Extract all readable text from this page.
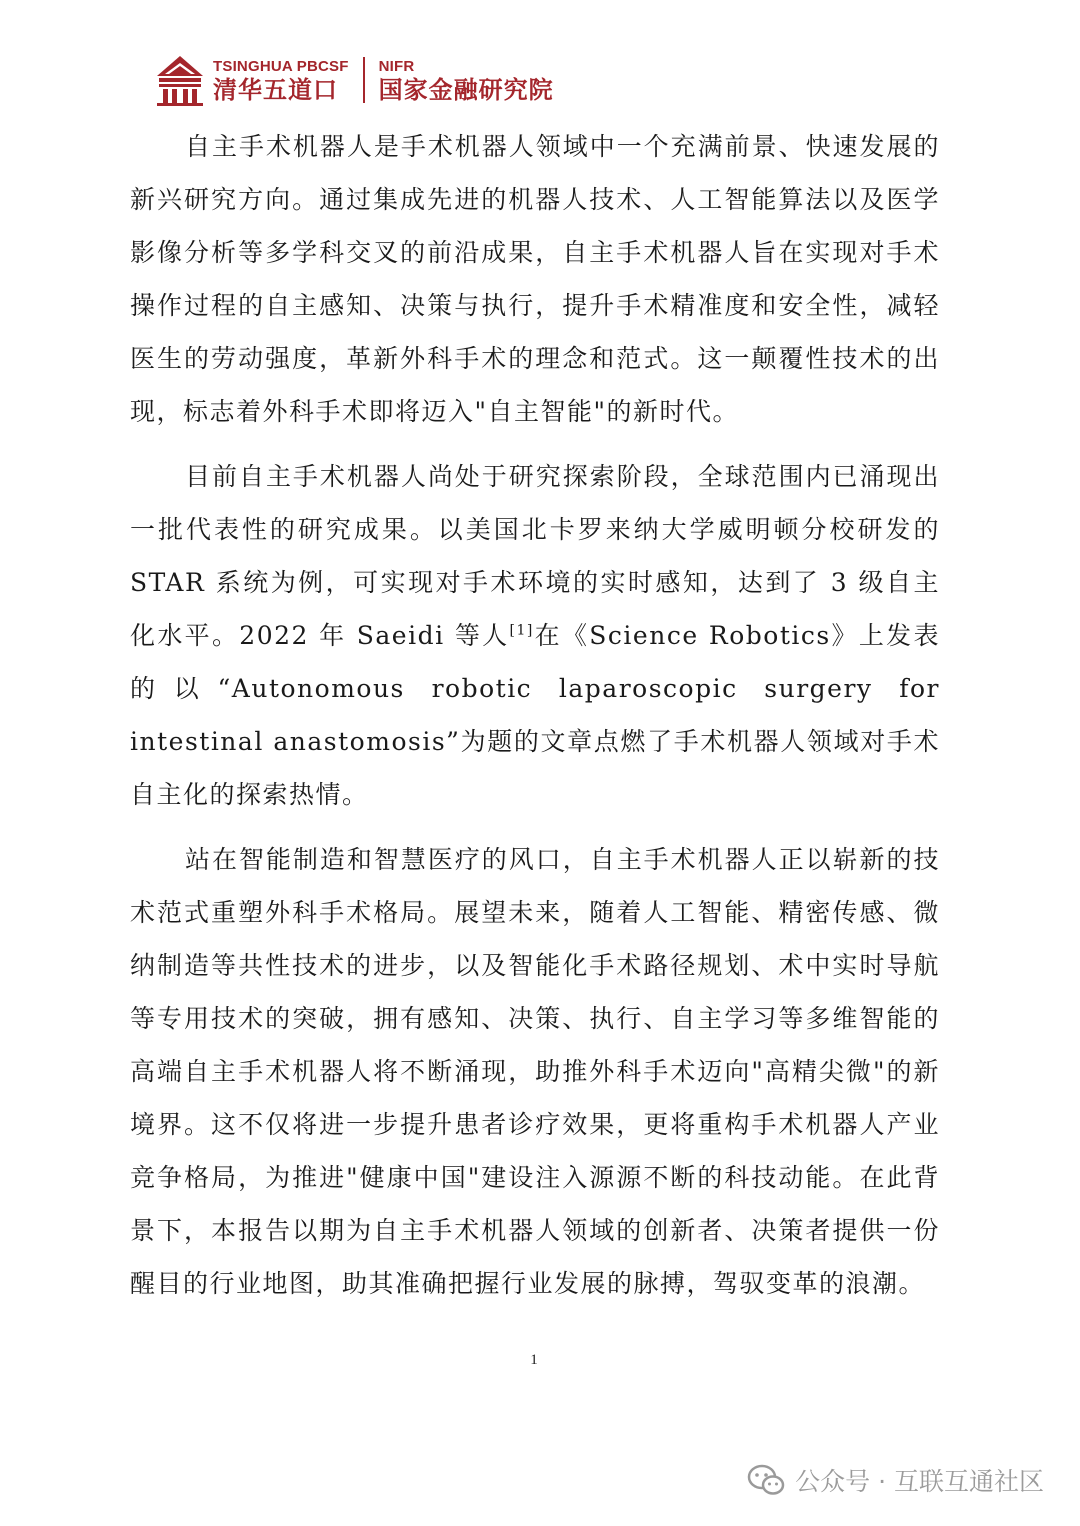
TSINGHUA PBCSF
清华五道口
NIFR
国家金融研究院

自主手术机器人是手术机器人领域中一个充满前景、快速发展的新兴研究方向。通过集成先进的机器人技术、人工智能算法以及医学影像分析等多学科交叉的前沿成果，自主手术机器人旨在实现对手术操作过程的自主感知、决策与执行，提升手术精准度和安全性，减轻医生的劳动强度，革新外科手术的理念和范式。这一颠覆性技术的出现，标志着外科手术即将迈入"自主智能"的新时代。

目前自主手术机器人尚处于研究探索阶段，全球范围内已涌现出一批代表性的研究成果。以美国北卡罗来纳大学威明顿分校研发的 STAR 系统为例，可实现对手术环境的实时感知，达到了 3 级自主化水平。2022 年 Saeidi 等人[1]在《Science Robotics》上发表的以“Autonomous robotic laparoscopic surgery for intestinal anastomosis”为题的文章点燃了手术机器人领域对手术自主化的探索热情。

站在智能制造和智慧医疗的风口，自主手术机器人正以崭新的技术范式重塑外科手术格局。展望未来，随着人工智能、精密传感、微纳制造等共性技术的进步，以及智能化手术路径规划、术中实时导航等专用技术的突破，拥有感知、决策、执行、自主学习等多维智能的高端自主手术机器人将不断涌现，助推外科手术迈向"高精尖微"的新境界。这不仅将进一步提升患者诊疗效果，更将重构手术机器人产业竞争格局，为推进"健康中国"建设注入源源不断的科技动能。在此背景下，本报告以期为自主手术机器人领域的创新者、决策者提供一份醒目的行业地图，助其准确把握行业发展的脉搏，驾驭变革的浪潮。

1
公众号 · 互联互通社区
